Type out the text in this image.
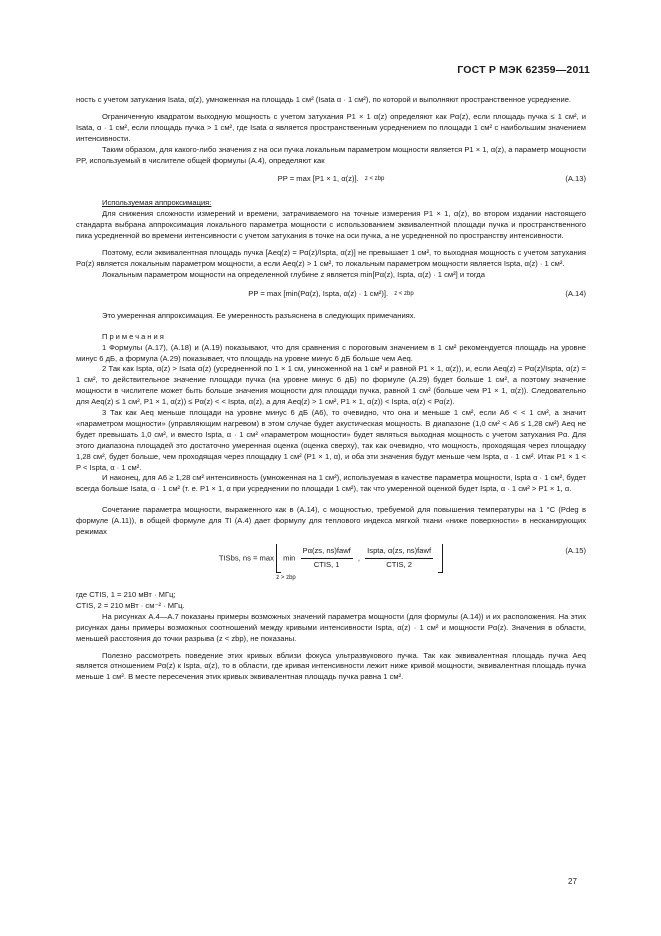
ГОСТ Р МЭК 62359—2011

ность с учетом затухания Isata, α(z), умноженная на площадь 1 см² (Isata α · 1 см²), по которой и выполняют пространственное усреднение.

Ограниченную квадратом выходную мощность с учетом затухания P1 × 1 α(z) определяют как Pα(z), если площадь пучка ≤ 1 см², и Isata, α · 1 см², если площадь пучка > 1 см², где Isata α является пространственным усреднением по площади 1 см² с наибольшим значением интенсивности.

Таким образом, для какого-либо значения z на оси пучка локальным параметром мощности является P1 × 1, α(z), а параметр мощности PP, используемый в числителе общей формулы (А.4), определяют как

PP = max [P1 × 1, α(z)]. z < zbp	(А.13)

Используемая аппроксимация:

Для снижения сложности измерений и времени, затрачиваемого на точные измерения P1 × 1, α(z), во втором издании настоящего стандарта выбрана аппроксимация локального параметра мощности с использованием эквивалентной площади пучка и пространственного пика усредненной во времени интенсивности с учетом затухания в точке на оси пучка, а не усредненной по пространству интенсивности.

Поэтому, если эквивалентная площадь пучка [Aeq(z) = Pα(z)/Ispta, α(z)] не превышает 1 см², то выходная мощность с учетом затухания Pα(z) является локальным параметром мощности, а если Aeq(z) > 1 см², то локальным параметром мощности является Ispta, α(z) · 1 см².

Локальным параметром мощности на определенной глубине z является min[Pα(z), Ispta, α(z) · 1 см²] и тогда

PP = max [min(Pα(z), Ispta, α(z) · 1 см²)]. z < zbp	(А.14)

Это умеренная аппроксимация. Ее умеренность разъяснена в следующих примечаниях.

Примечания

1 Формулы (А.17), (А.18) и (А.19) показывают, что для сравнения с пороговым значением в 1 см² рекомендуется площадь на уровне минус 6 дБ, а формула (А.29) показывает, что площадь на уровне минус 6 дБ больше чем Aeq.

2 Так как Ispta, α(z) > Isata α(z) (усредненной по 1 × 1 см, умноженной на 1 см² и равной P1 × 1, α(z)), и, если Aeq(z) = Pα(z)/Ispta, α(z) = 1 см², то действительное значение площади пучка (на уровне минус 6 дБ) по формуле (А.29) будет больше 1 см², а поэтому значение мощности в числителе может быть больше значения мощности для площади пучка, равной 1 см² (больше чем P1 × 1, α(z)). Следовательно для Aeq(z) ≤ 1 см², P1 × 1, α(z)) ≤ Pα(z) < < Ispta, α(z), а для Aeq(z) > 1 см², P1 × 1, α(z)) < Ispta, α(z) < Pα(z).

3 Так как Aeq меньше площади на уровне минус 6 дБ (A6), то очевидно, что она и меньше 1 см², если A6 < < 1 см², а значит «параметром мощности» (управляющим нагревом) в этом случае будет акустическая мощность. В диапазоне (1,0 см² < A6 ≤ 1,28 см²) Aeq не будет превышать 1,0 см², и вместо Ispta, α · 1 см² «параметром мощности» будет являться выходная мощность с учетом затухания Pα. Для этого диапазона площадей это достаточно умеренная оценка (оценка сверху), так как очевидно, что мощность, проходящая через площадку 1,28 см², будет больше, чем проходящая через площадку 1 см² (P1 × 1, α), и оба эти значения будут меньше чем Ispta, α · 1 см². Итак P1 × 1 < P < Ispta, α · 1 см².

И наконец, для A6 ≥ 1,28 см² интенсивность (умноженная на 1 см²), используемая в качестве параметра мощности, Ispta α · 1 см², будет всегда больше Isata, α · 1 см² (т. е. P1 × 1, α при усреднении по площади 1 см²), так что умеренной оценкой будет Ispta, α · 1 см² > P1 × 1, α.

Сочетание параметра мощности, выраженного как в (А.14), с мощностью, требуемой для повышения температуры на 1 °С (Pdeg в формуле (А.11)), в общей формуле для TI (А.4) дает формулу для теплового индекса мягкой ткани «ниже поверхности» в несканирующих режимах

TISbs, ns = $\max \min \frac{\text{Pα(zs, ns)fawf}}{\text{CTIS, 1}}$ , $\frac{\text{Ispta, α(zs, ns)fawf}}{\text{CTIS, 2}}$

z > zbp
(А.15)

где CTIS, 1 = 210 мВт · МГц;

CTIS, 2 = 210 мВт · см⁻² · МГц.

На рисунках А.4—А.7 показаны примеры возможных значений параметра мощности (для формулы (А.14)) и их расположения. На этих рисунках даны примеры возможных соотношений между кривыми интенсивности Ispta, α(z) · 1 см² и мощности Pα(z). Значения в области, меньшей расстояния до точки разрыва (z < zbp), не показаны.

Полезно рассмотреть поведение этих кривых вблизи фокуса ультразвукового пучка. Так как эквивалентная площадь пучка Aeq является отношением Pα(z) к Ispta, α(z), то в области, где кривая интенсивности лежит ниже кривой мощности, эквивалентная площадь пучка меньше 1 см². В месте пересечения этих кривых эквивалентная площадь пучка равна 1 см².

27
